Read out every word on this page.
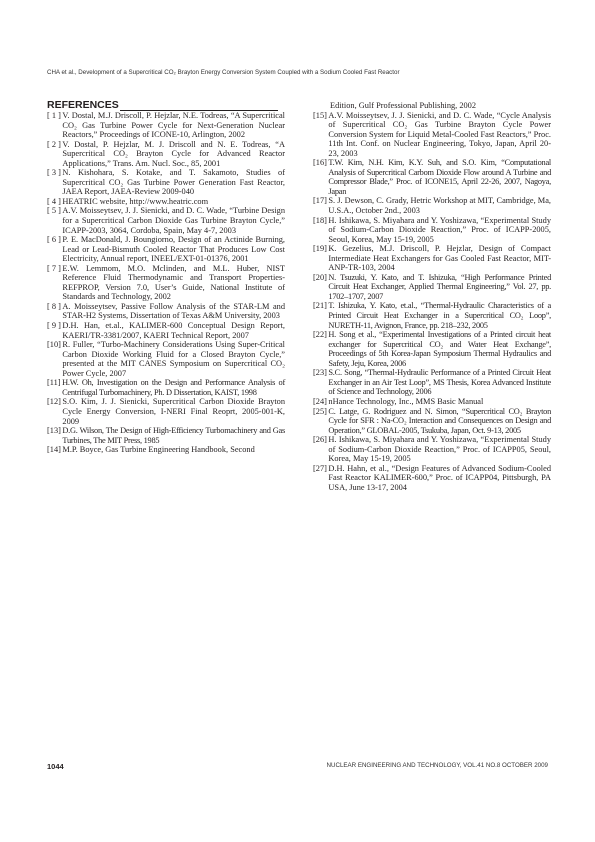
CHA et al., Development of a Supercritical CO₂ Brayton Energy Conversion System Coupled with a Sodium Cooled Fast Reactor
REFERENCES
[ 1 ] V. Dostal, M.J. Driscoll, P. Hejzlar, N.E. Todreas, “A Supercritical CO₂ Gas Turbine Power Cycle for Next-Generation Nuclear Reactors,” Proceedings of ICONE-10, Arlington, 2002
[ 2 ] V. Dostal, P. Hejzlar, M. J. Driscoll and N. E. Todreas, “A Supercritical CO₂ Brayton Cycle for Advanced Reactor Applications,” Trans. Am. Nucl. Soc., 85, 2001
[ 3 ] N. Kishohara, S. Kotake, and T. Sakamoto, Studies of Supercritical CO₂ Gas Turbine Power Generation Fast Reactor, JAEA Report, JAEA-Review 2009-040
[ 4 ] HEATRIC website, http://www.heatric.com
[ 5 ] A.V. Moisseytsev, J. J. Sienicki, and D. C. Wade, “Turbine Design for a Supercritical Carbon Dioxide Gas Turbine Brayton Cycle,” ICAPP-2003, 3064, Cordoba, Spain, May 4-7, 2003
[ 6 ] P. E. MacDonald, J. Boungiorno, Design of an Actinide Burning, Lead or Lead-Bismuth Cooled Reactor That Produces Low Cost Electricity, Annual report, INEEL/EXT-01-01376, 2001
[ 7 ] E.W. Lemmom, M.O. Mclinden, and M.L. Huber, NIST Reference Fluid Thermodynamic and Transport Properties-REFPROP, Version 7.0, User’s Guide, National Institute of Standards and Technology, 2002
[ 8 ] A. Moisseytsev, Passive Follow Analysis of the STAR-LM and STAR-H2 Systems, Dissertation of Texas A&M University, 2003
[ 9 ] D.H. Han, et.al., KALIMER-600 Conceptual Design Report, KAERI/TR-3381/2007, KAERI Technical Report, 2007
[10] R. Fuller, “Turbo-Machinery Considerations Using Super-Critical Carbon Dioxide Working Fluid for a Closed Brayton Cycle,” presented at the MIT CANES Symposium on Supercritical CO₂ Power Cycle, 2007
[11] H.W. Oh, Investigation on the Design and Performance Analysis of Centrifugal Turbomachinery, Ph. D Dissertation, KAIST, 1998
[12] S.O. Kim, J. J. Sienicki, Supercritical Carbon Dioxide Brayton Cycle Energy Conversion, I-NERI Final Reoprt, 2005-001-K, 2009
[13] D.G. Wilson, The Design of High-Efficiency Turbomachinery and Gas Turbines, The MIT Press, 1985
[14] M.P. Boyce, Gas Turbine Engineering Handbook, Second
Edition, Gulf Professional Publishing, 2002
[15] A.V. Moisseytsev, J. J. Sienicki, and D. C. Wade, “Cycle Analysis of Supercritical CO₂ Gas Turbine Brayton Cycle Power Conversion System for Liquid Metal-Cooled Fast Reactors,” Proc. 11th Int. Conf. on Nuclear Engineering, Tokyo, Japan, April 20-23, 2003
[16] T.W. Kim, N.H. Kim, K.Y. Suh, and S.O. Kim, “Computational Analysis of Supercritical Carbom Dioxide Flow around A Turbine and Compressor Blade,” Proc. of ICONE15, April 22-26, 2007, Nagoya, Japan
[17] S. J. Dewson, C. Grady, Hetric Workshop at MIT, Cambridge, Ma, U.S.A., October 2nd., 2003
[18] H. Ishikawa, S. Miyahara and Y. Yoshizawa, “Experimental Study of Sodium-Carbon Dioxide Reaction,” Proc. of ICAPP-2005, Seoul, Korea, May 15-19, 2005
[19] K. Gezelius, M.J. Driscoll, P. Hejzlar, Design of Compact Intermediate Heat Exchangers for Gas Cooled Fast Reactor, MIT-ANP-TR-103, 2004
[20] N. Tsuzuki, Y. Kato, and T. Ishizuka, “High Performance Printed Circuit Heat Exchanger, Applied Thermal Engineering,” Vol. 27, pp. 1702–1707, 2007
[21] T. Ishizuka, Y. Kato, et.al., “Thermal-Hydraulic Characteristics of a Printed Circuit Heat Exchanger in a Supercritical CO₂ Loop”, NURETH-11, Avignon, France, pp. 218–232, 2005
[22] H. Song et al., “Experimental Investigations of a Printed circuit heat exchanger for Supercritical CO₂ and Water Heat Exchange”, Proceedings of 5th Korea-Japan Symposium Thermal Hydraulics and Safety, Jeju, Korea, 2006
[23] S.C. Song, “Thermal-Hydraulic Performance of a Printed Circuit Heat Exchanger in an Air Test Loop”, MS Thesis, Korea Advanced Institute of Science and Technology, 2006
[24] nHance Technology, Inc., MMS Basic Manual
[25] C. Latge, G. Rodriguez and N. Simon, “Supercritical CO₂ Brayton Cycle for SFR : Na-CO₂ Interaction and Consequences on Design and Operation,” GLOBAL-2005, Tsukuba, Japan, Oct. 9-13, 2005
[26] H. Ishikawa, S. Miyahara and Y. Yoshizawa, “Experimental Study of Sodium-Carbon Dioxide Reaction,” Proc. of ICAPP05, Seoul, Korea, May 15-19, 2005
[27] D.H. Hahn, et al., “Design Features of Advanced Sodium-Cooled Fast Reactor KALIMER-600,” Proc. of ICAPP04, Pittsburgh, PA USA, June 13-17, 2004
1044	NUCLEAR ENGINEERING AND TECHNOLOGY, VOL.41 NO.8 OCTOBER 2009
